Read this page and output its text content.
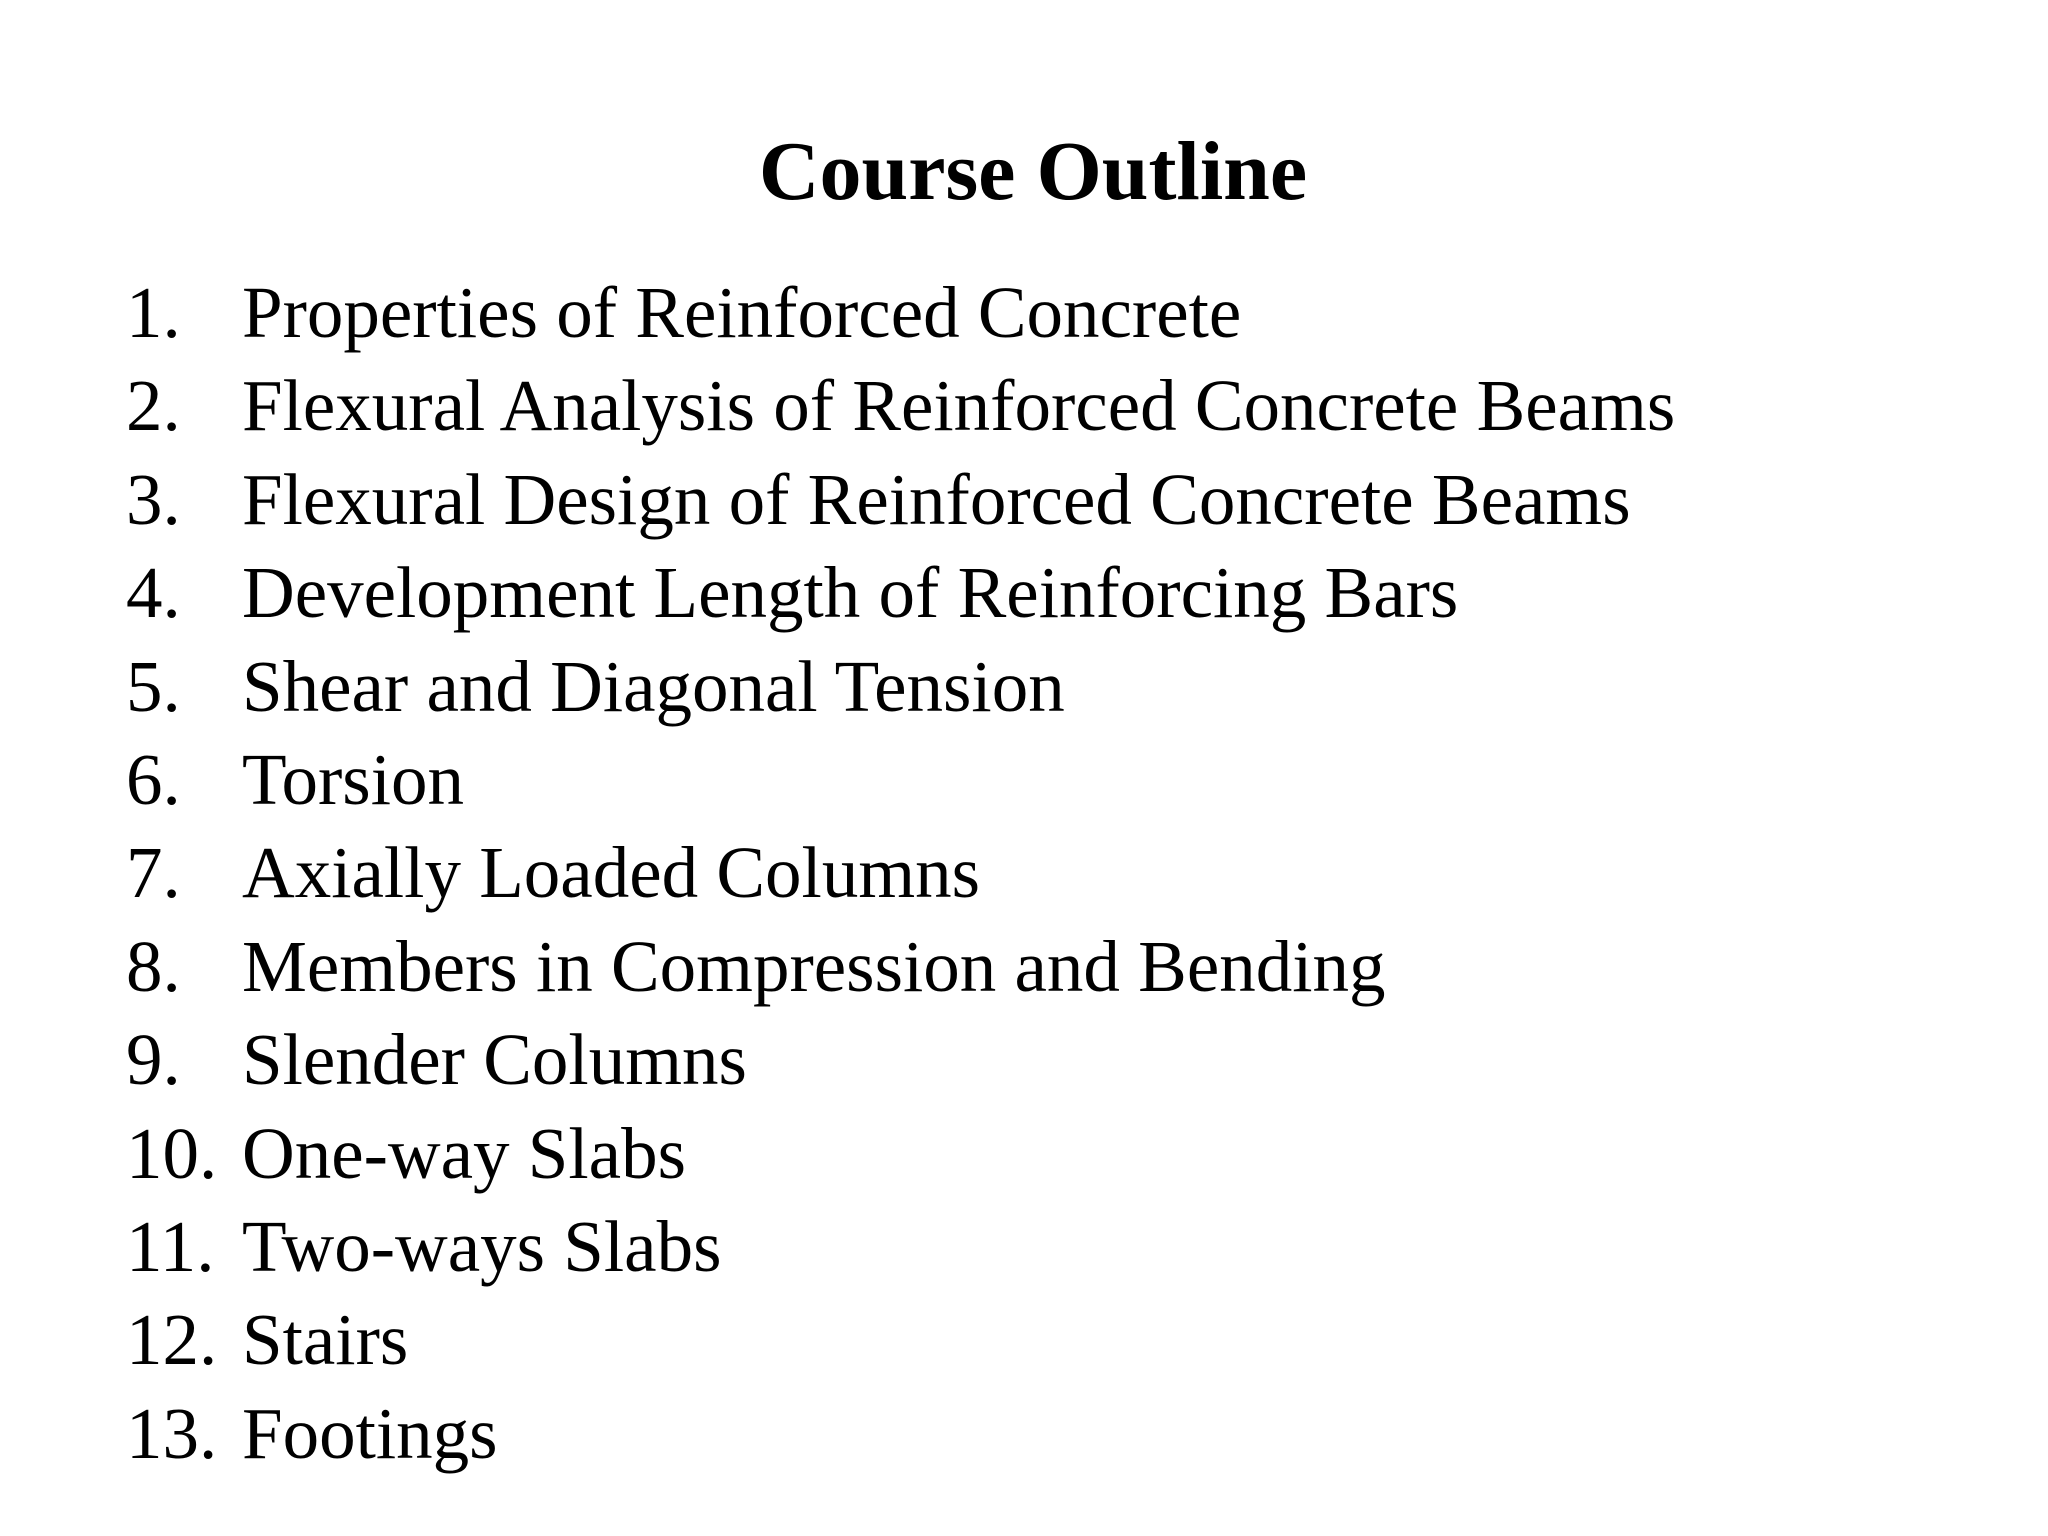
Course Outline
1. Properties of Reinforced Concrete
2. Flexural Analysis of Reinforced Concrete Beams
3. Flexural Design of Reinforced Concrete Beams
4. Development Length of Reinforcing Bars
5. Shear and Diagonal Tension
6. Torsion
7. Axially Loaded Columns
8. Members in Compression and Bending
9. Slender Columns
10. One-way Slabs
11. Two-ways Slabs
12. Stairs
13. Footings
